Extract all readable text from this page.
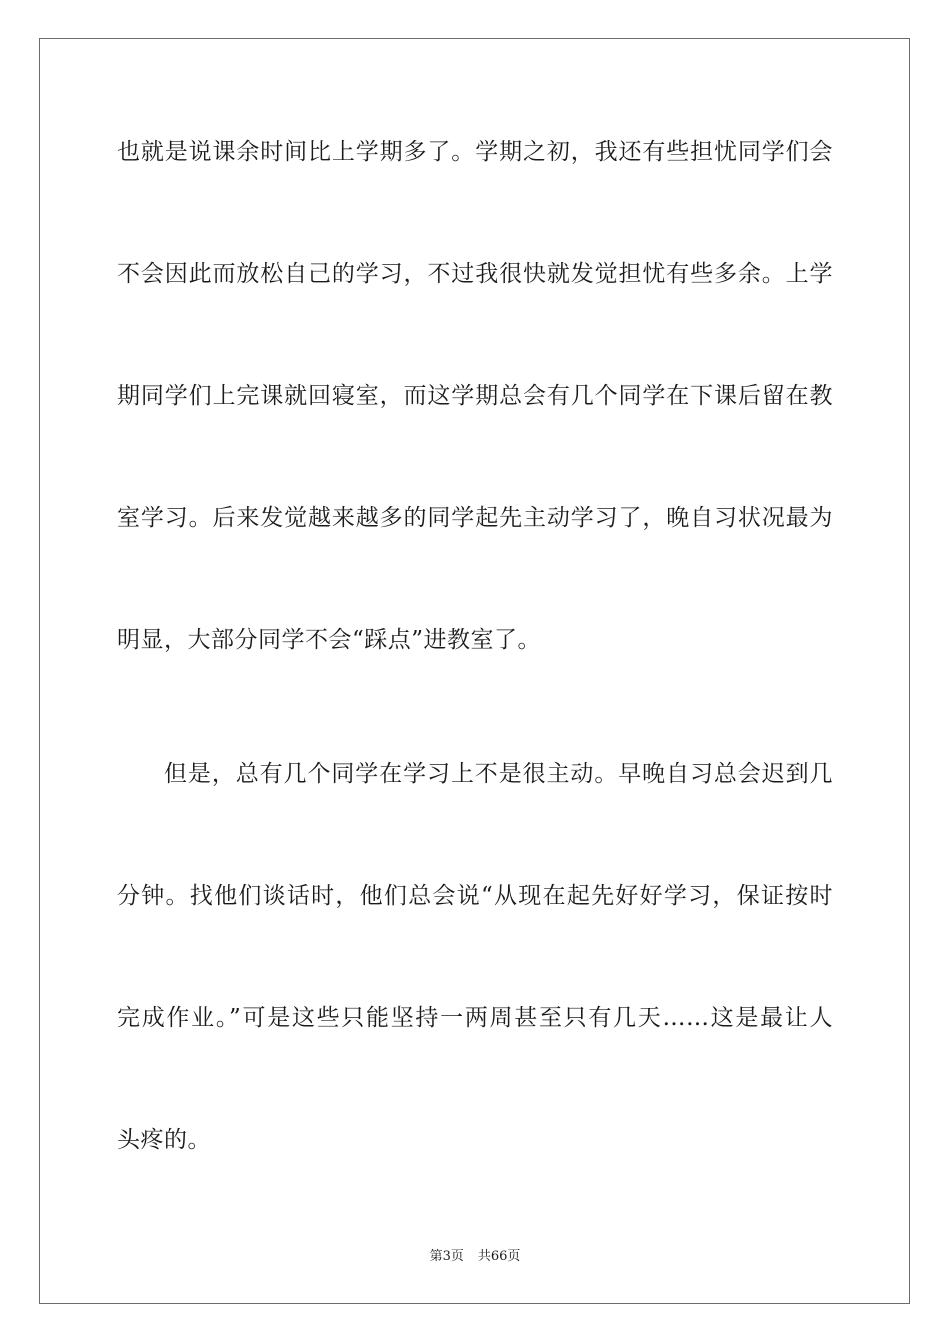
也就是说课余时间比上学期多了。学期之初，我还有些担忧同学们会
不会因此而放松自己的学习，不过我很快就发觉担忧有些多余。上学
期同学们上完课就回寝室，而这学期总会有几个同学在下课后留在教
室学习。后来发觉越来越多的同学起先主动学习了，晚自习状况最为
明显，大部分同学不会“踩点”进教室了。
但是，总有几个同学在学习上不是很主动。早晚自习总会迟到几
分钟。找他们谈话时，他们总会说“从现在起先好好学习，保证按时
完成作业。”可是这些只能坚持一两周甚至只有几天……这是最让人
头疼的。
第3页 共66页
